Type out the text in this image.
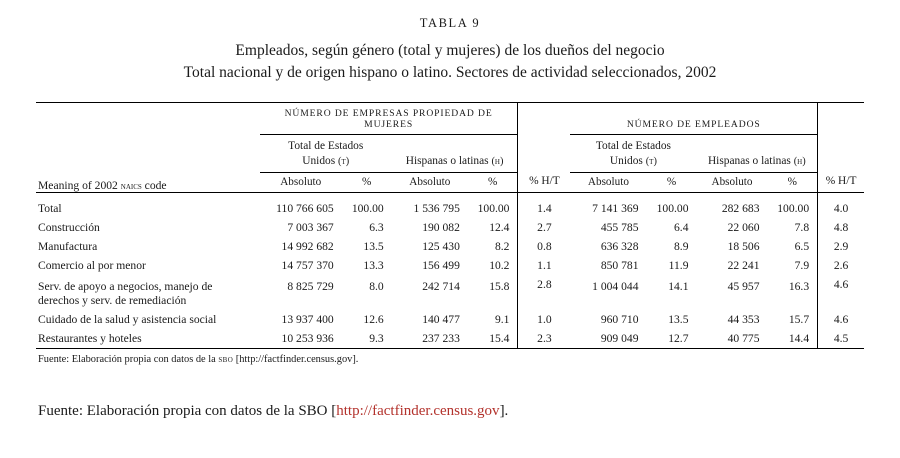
TABLA 9
Empleados, según género (total y mujeres) de los dueños del negocio
Total nacional y de origen hispano o latino. Sectores de actividad seleccionados, 2002

Meaning of 2002 naics code	NÚMERO DE EMPRESAS PROPIEDAD DE MUJERES				% H/T	NÚMERO DE EMPLEADOS				% H/T
	Total de Estados
Unidos (t)		Hispanas o latinas (h)			Total de Estados
Unidos (t)		Hispanas o latinas (h)		
	Absoluto	%	Absoluto	%		Absoluto	%	Absoluto	%	

Total	110 766 605	100.00	1 536 795	100.00	1.4	7 141 369	100.00	282 683	100.00	4.0
Construcción	7 003 367	6.3	190 082	12.4	2.7	455 785	6.4	22 060	7.8	4.8
Manufactura	14 992 682	13.5	125 430	8.2	0.8	636 328	8.9	18 506	6.5	2.9
Comercio al por menor	14 757 370	13.3	156 499	10.2	1.1	850 781	11.9	22 241	7.9	2.6
Serv. de apoyo a negocios, manejo de	8 825 729	8.0	242 714	15.8	2.8	1 004 044	14.1	45 957	16.3	4.6
derechos y serv. de remediación										
Cuidado de la salud y asistencia social	13 937 400	12.6	140 477	9.1	1.0	960 710	13.5	44 353	15.7	4.6
Restaurantes y hoteles	10 253 936	9.3	237 233	15.4	2.3	909 049	12.7	40 775	14.4	4.5

Fuente: Elaboración propia con datos de la sbo [http://factfinder.census.gov].
Fuente: Elaboración propia con datos de la SBO [http://factfinder.census.gov].
